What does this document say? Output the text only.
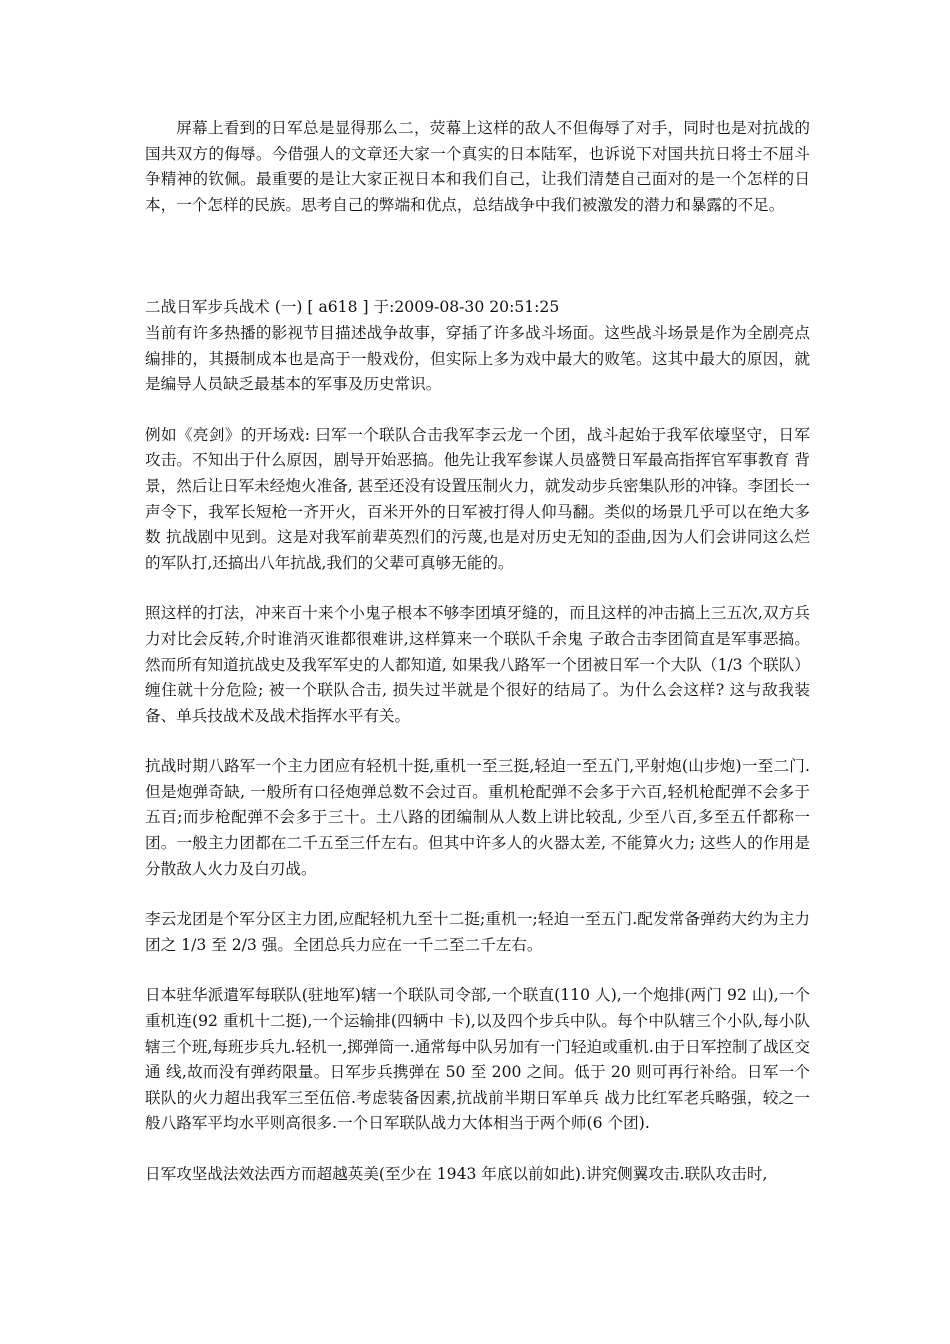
屏幕上看到的日军总是显得那么二，荧幕上这样的敌人不但侮辱了对手，同时也是对抗战的国共双方的侮辱。今借强人的文章还大家一个真实的日本陆军，也诉说下对国共抗日将士不屈斗争精神的钦佩。最重要的是让大家正视日本和我们自己，让我们清楚自己面对的是一个怎样的日本，一个怎样的民族。思考自己的弊端和优点，总结战争中我们被激发的潜力和暴露的不足。

二战日军步兵战术 (一) [ a618 ] 于:2009-08-30 20:51:25

当前有许多热播的影视节目描述战争故事，穿插了许多战斗场面。这些战斗场景是作为全剧亮点编排的，其摄制成本也是高于一般戏份，但实际上多为戏中最大的败笔。这其中最大的原因，就是编导人员缺乏最基本的军事及历史常识。

例如《亮剑》的开场戏: 曰军一个联队合击我军李云龙一个团，战斗起始于我军依壕坚守，日军攻击。不知出于什么原因，剧导开始恶搞。他先让我军参谋人员盛赞日军最高指挥官军事教育 背景，然后让日军未经炮火准备, 甚至还没有设置压制火力，就发动步兵密集队形的冲锋。李团长一声令下，我军长短枪一齐开火，百米开外的日军被打得人仰马翻。类似的场景几乎可以在绝大多数 抗战剧中见到。这是对我军前辈英烈们的污蔑,也是对历史无知的歪曲,因为人们会讲同这么烂的军队打,还搞出八年抗战,我们的父辈可真够无能的。

照这样的打法，冲来百十来个小鬼子根本不够李团填牙缝的，而且这样的冲击搞上三五次,双方兵力对比会反转,介时谁消灭谁都很难讲,这样算来一个联队千余鬼 子敢合击李团简直是军事恶搞。然而所有知道抗战史及我军军史的人都知道, 如果我八路军一个团被日军一个大队（1/3 个联队）缠住就十分危险; 被一个联队合击, 损失过半就是个很好的结局了。为什么会这样? 这与敌我装备、单兵技战术及战术指挥水平有关。

抗战时期八路军一个主力团应有轻机十挺,重机一至三挺,轻迫一至五门,平射炮(山步炮)一至二门.但是炮弹奇缺, 一般所有口径炮弹总数不会过百。重机枪配弹不会多于六百,轻机枪配弹不会多于五百;而步枪配弹不会多于三十。土八路的团编制从人数上讲比较乱, 少至八百,多至五仟都称一团。一般主力团都在二千五至三仟左右。但其中许多人的火器太差, 不能算火力; 这些人的作用是分散敌人火力及白刃战。

李云龙团是个军分区主力团,应配轻机九至十二挺;重机一;轻迫一至五门.配发常备弹药大约为主力团之 1/3 至 2/3 强。全团总兵力应在一千二至二千左右。

日本驻华派遣军每联队(驻地军)辖一个联队司令部,一个联直(110 人),一个炮排(两门 92 山),一个重机连(92 重机十二挺),一个运输排(四辆中 卡),以及四个步兵中队。每个中队辖三个小队,每小队辖三个班,每班步兵九.轻机一,掷弹筒一.通常每中队另加有一门轻迫或重机.由于日军控制了战区交通 线,故而没有弹药限量。日军步兵携弹在 50 至 200 之间。低于 20 则可再行补给。日军一个联队的火力超出我军三至伍倍.考虑装备因素,抗战前半期日军单兵 战力比红军老兵略强，较之一般八路军平均水平则高很多.一个日军联队战力大体相当于两个师(6 个团).

日军攻坚战法效法西方而超越英美(至少在 1943 年底以前如此).讲究侧翼攻击.联队攻击时,
